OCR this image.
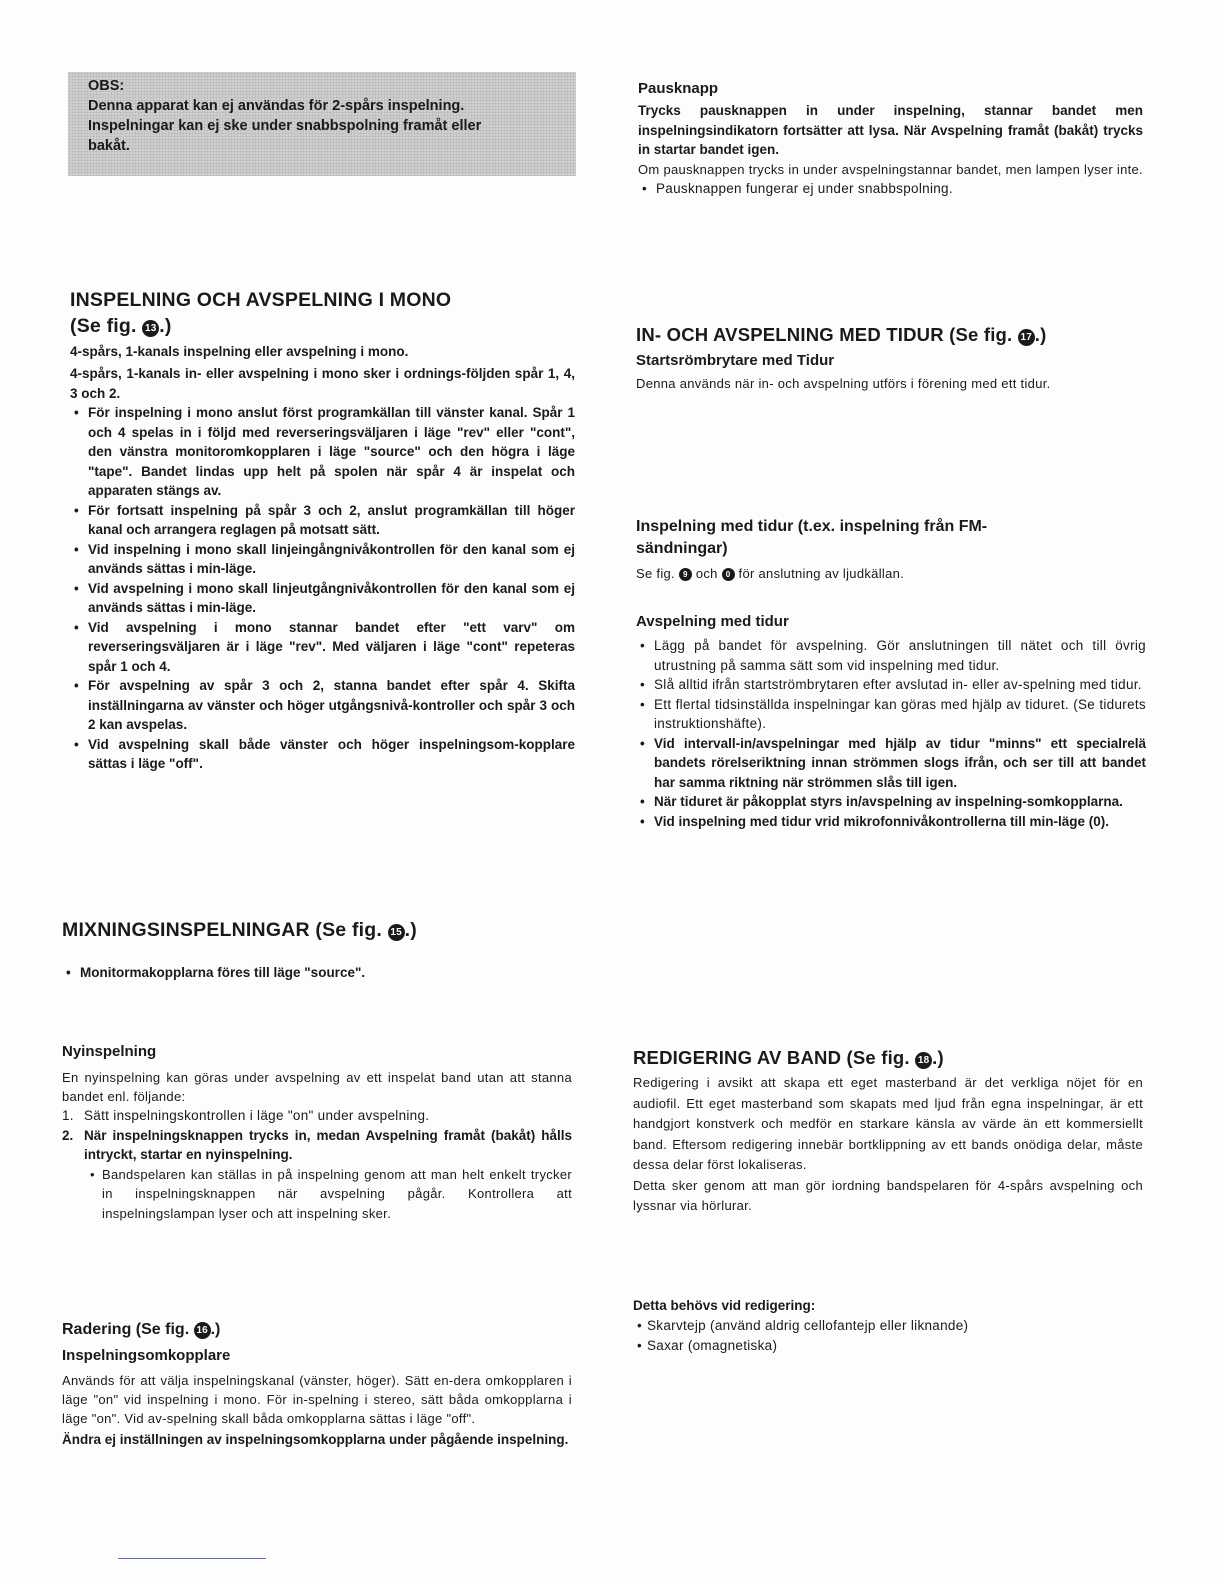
OBS:
Denna apparat kan ej användas för 2-spårs inspelning.
Inspelningar kan ej ske under snabbspolning framåt eller
bakåt.
INSPELNING OCH AVSPELNING I MONO
(Se fig. 13 .)
4-spårs, 1-kanals inspelning eller avspelning i mono.
4-spårs, 1-kanals in- eller avspelning i mono sker i ordnings-följden spår 1, 4, 3 och 2.
• För inspelning i mono anslut först programkällan till vänster kanal. Spår 1 och 4 spelas in i följd med reverseringsväljaren i läge "rev" eller "cont", den vänstra monitoromkopplaren i läge "source" och den högra i läge "tape". Bandet lindas upp helt på spolen när spår 4 är inspelat och apparaten stängs av.
• För fortsatt inspelning på spår 3 och 2, anslut programkällan till höger kanal och arrangera reglagen på motsatt sätt.
• Vid inspelning i mono skall linjeingångnivåkontrollen för den kanal som ej används sättas i min-läge.
• Vid avspelning i mono skall linjeutgångnivåkontrollen för den kanal som ej används sättas i min-läge.
• Vid avspelning i mono stannar bandet efter "ett varv" om reverseringsväljaren är i läge "rev". Med väljaren i läge "cont" repeteras spår 1 och 4.
• För avspelning av spår 3 och 2, stanna bandet efter spår 4. Skifta inställningarna av vänster och höger utgångsnivå-kontroller och spår 3 och 2 kan avspelas.
• Vid avspelning skall både vänster och höger inspelningsom-kopplare sättas i läge "off".
MIXNINGSINSPELNINGAR (Se fig. 15 .)
• Monitormakopplarna föres till läge "source".
Nyinspelning
En nyinspelning kan göras under avspelning av ett inspelat band utan att stanna bandet enl. följande:
1. Sätt inspelningskontrollen i läge "on" under avspelning.
2. När inspelningsknappen trycks in, medan Avspelning framåt (bakåt) hålls intryckt, startar en nyinspelning.
• Bandspelaren kan ställas in på inspelning genom att man helt enkelt trycker in inspelningsknappen när avspelning pågår. Kontrollera att inspelningslampan lyser och att inspelning sker.
Radering (Se fig. 16 .)
Inspelningsomkopplare
Används för att välja inspelningskanal (vänster, höger). Sätt en-dera omkopplaren i läge "on" vid inspelning i mono. För in-spelning i stereo, sätt båda omkopplarna i läge "on". Vid av-spelning skall båda omkopplarna sättas i läge "off".
Ändra ej inställningen av inspelningsomkopplarna under pågående inspelning.
Pausknapp
Trycks pausknappen in under inspelning, stannar bandet men inspelningsindikatorn fortsätter att lysa. När Avspelning framåt (bakåt) trycks in startar bandet igen.
Om pausknappen trycks in under avspelningstannar bandet, men lampen lyser inte.
• Pausknappen fungerar ej under snabbspolning.
IN- OCH AVSPELNING MED TIDUR (Se fig. 17 .)
Startsrömbrytare med Tidur
Denna används när in- och avspelning utförs i förening med ett tidur.
Inspelning med tidur (t.ex. inspelning från FM-sändningar)
Se fig. 9 och 0 för anslutning av ljudkällan.
Avspelning med tidur
• Lägg på bandet för avspelning. Gör anslutningen till nätet och till övrig utrustning på samma sätt som vid inspelning med tidur.
• Slå alltid ifrån startströmbrytaren efter avslutad in- eller av-spelning med tidur.
• Ett flertal tidsinställda inspelningar kan göras med hjälp av tiduret. (Se tidurets instruktionshäfte).
• Vid intervall-in/avspelningar med hjälp av tidur "minns" ett specialrelä bandets rörelseriktning innan strömmen slogs ifrån, och ser till att bandet har samma riktning när strömmen slås till igen.
• När tiduret är påkopplat styrs in/avspelning av inspelning-somkopplarna.
• Vid inspelning med tidur vrid mikrofonnivåkontrollerna till min-läge (0).
REDIGERING AV BAND (Se fig. 18 .)
Redigering i avsikt att skapa ett eget masterband är det verkliga nöjet för en audiofil. Ett eget masterband som skapats med ljud från egna inspelningar, är ett handgjort konstverk och medför en starkare känsla av värde än ett kommersiellt band. Eftersom redigering innebär bortklippning av ett bands onödiga delar, måste dessa delar först lokaliseras.
Detta sker genom att man gör iordning bandspelaren för 4-spårs avspelning och lyssnar via hörlurar.
Detta behövs vid redigering:
• Skarvtejp (använd aldrig cellofantejp eller liknande)
• Saxar (omagnetiska)
